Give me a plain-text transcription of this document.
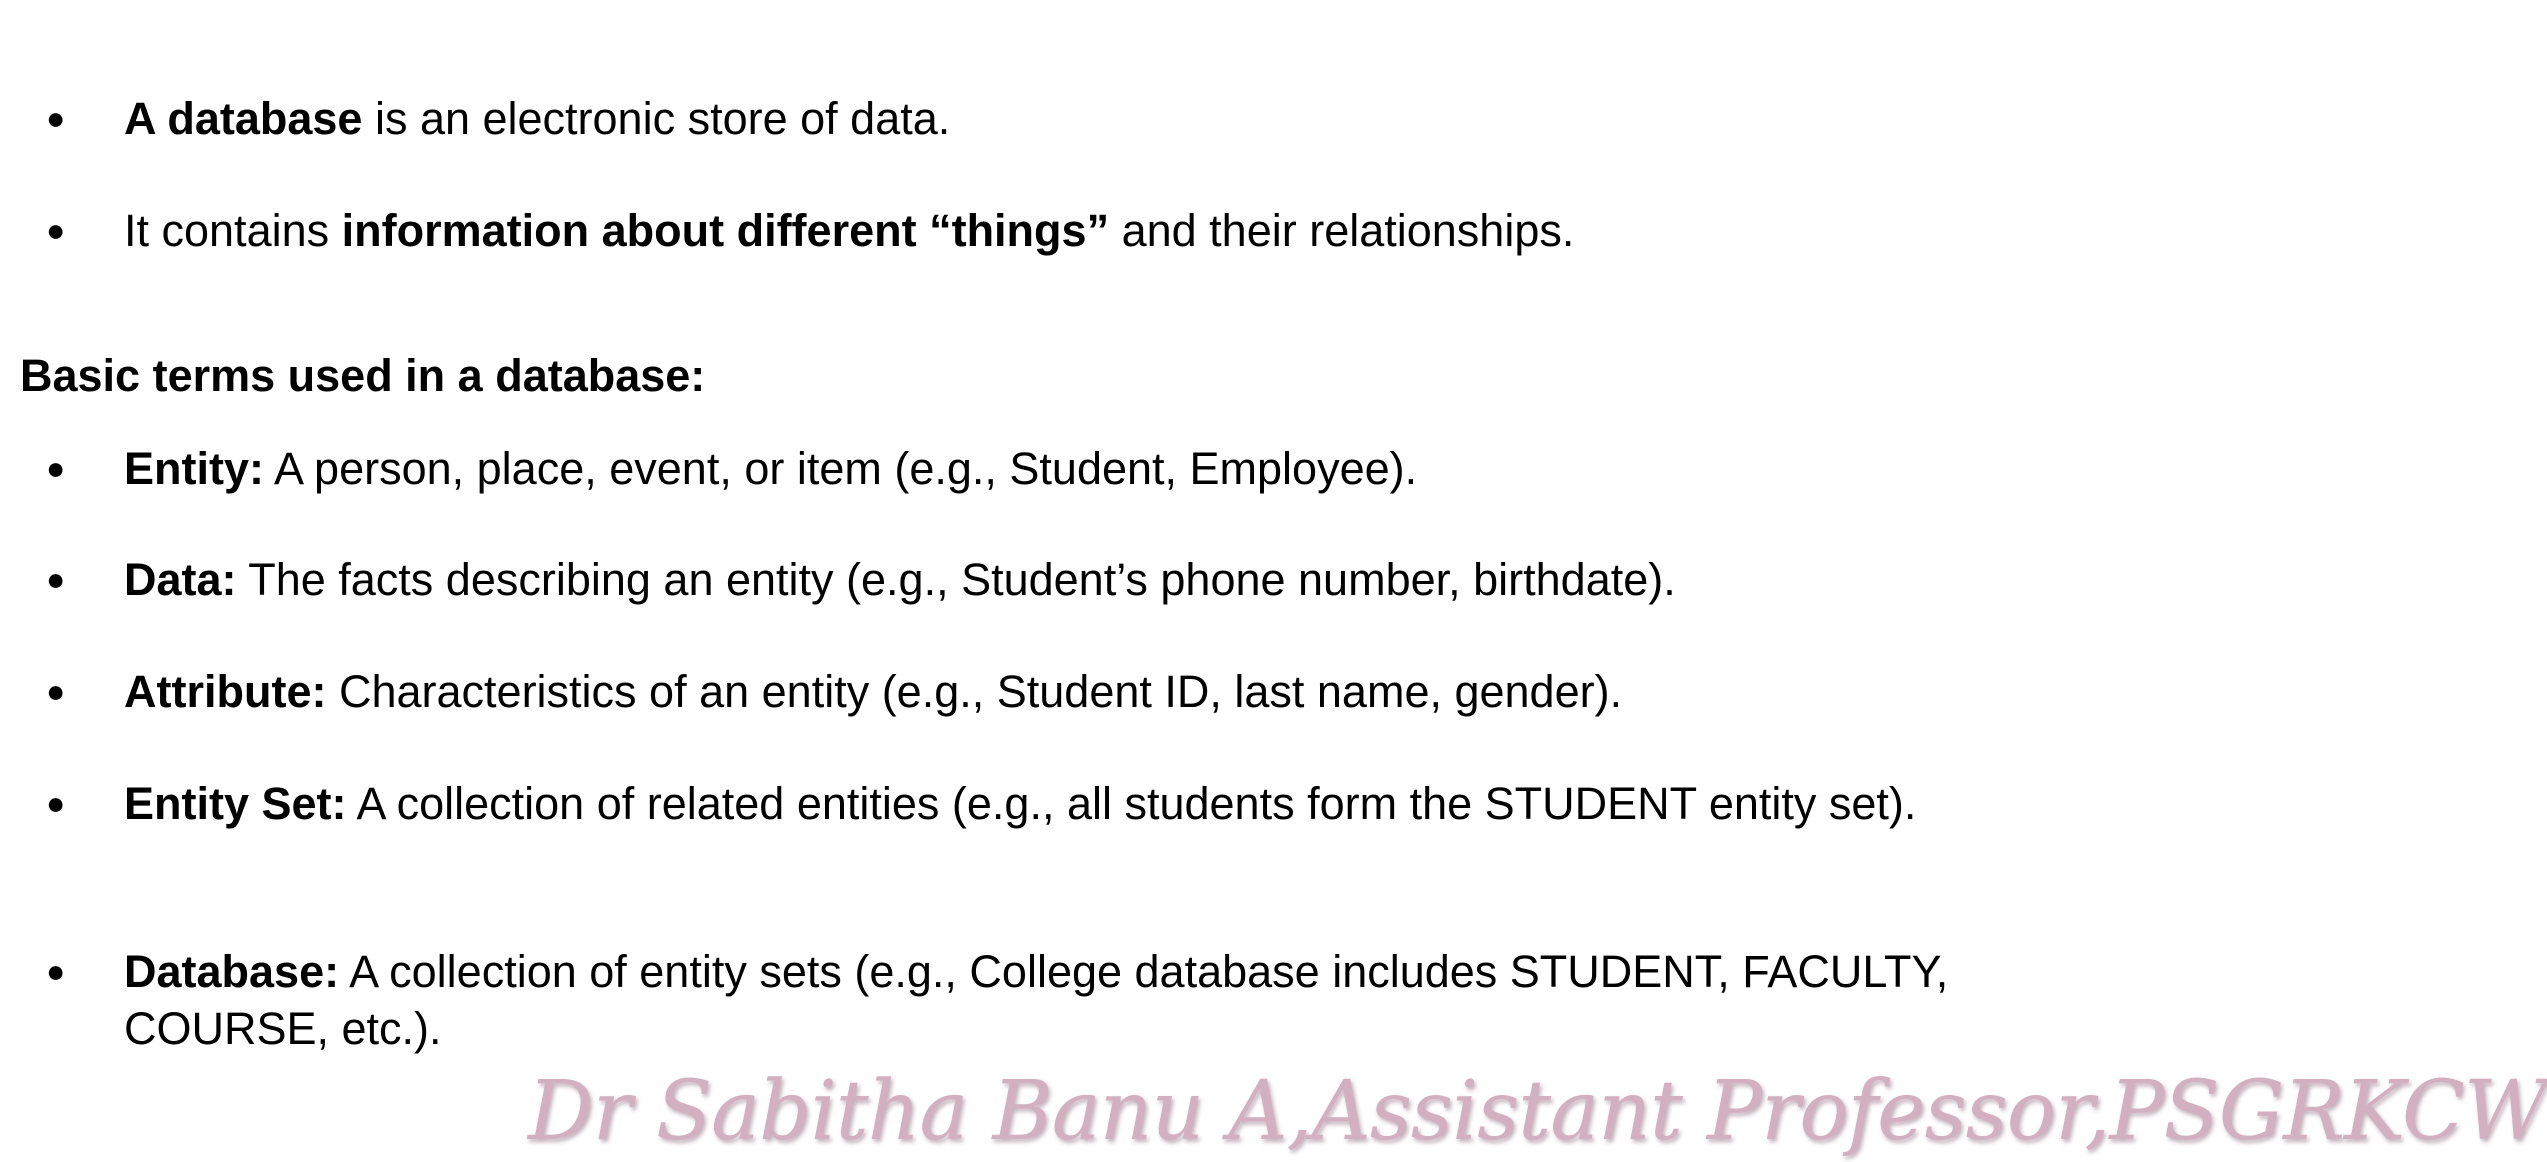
●	A database is an electronic store of data.
●	It contains information about different “things” and their relationships.
Basic terms used in a database:
●	Entity: A person, place, event, or item (e.g., Student, Employee).
●	Data: The facts describing an entity (e.g., Student’s phone number, birthdate).
●	Attribute: Characteristics of an entity (e.g., Student ID, last name, gender).
●	Entity Set: A collection of related entities (e.g., all students form the STUDENT entity set).
●	Database: A collection of entity sets (e.g., College database includes STUDENT, FACULTY, COURSE, etc.).
Dr Sabitha Banu A,Assistant Professor,PSGRKCW
